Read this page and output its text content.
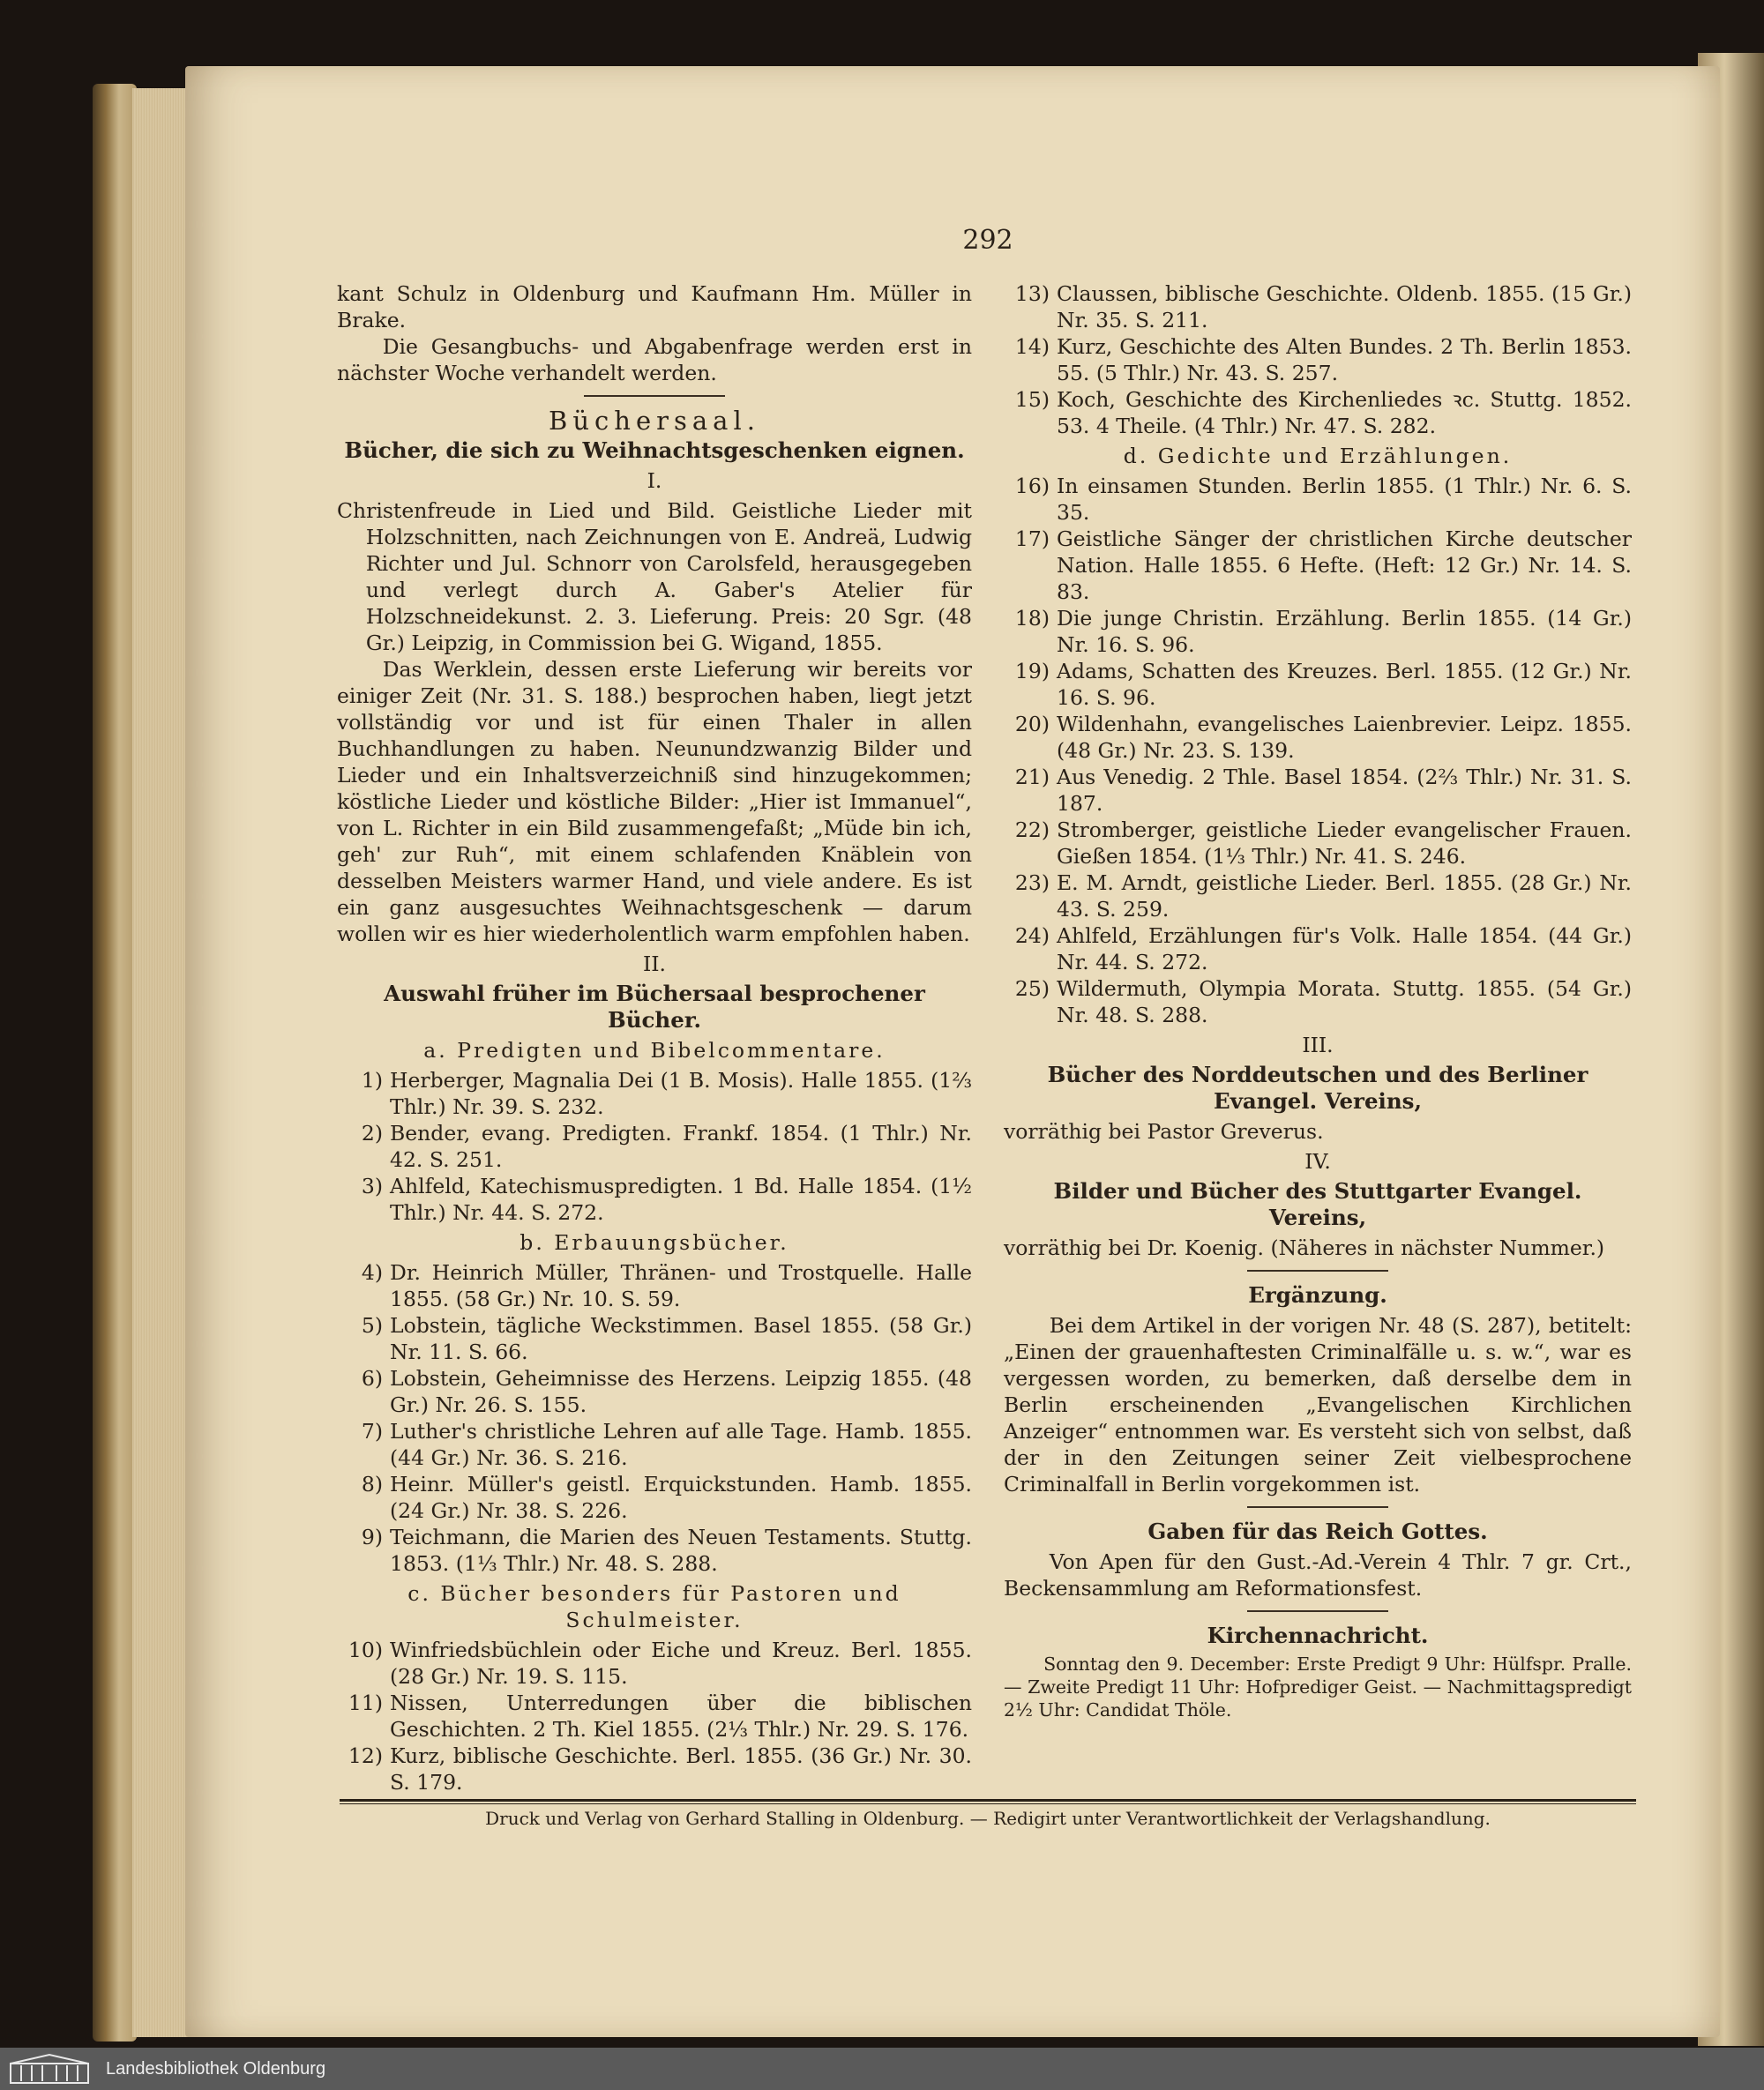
292

kant Schulz in Oldenburg und Kaufmann Hm. Müller in Brake.

Die Gesangbuchs- und Abgabenfrage werden erst in nächster Woche verhandelt werden.

Büchersaal.
Bücher, die sich zu Weihnachtsgeschenken eignen.
I.

Christenfreude in Lied und Bild. Geistliche Lieder mit Holzschnitten, nach Zeichnungen von E. Andreä, Ludwig Richter und Jul. Schnorr von Carolsfeld, herausgegeben und verlegt durch A. Gaber's Atelier für Holzschneidekunst. 2. 3. Lieferung. Preis: 20 Sgr. (48 Gr.) Leipzig, in Commission bei G. Wigand, 1855.

Das Werklein, dessen erste Lieferung wir bereits vor einiger Zeit (Nr. 31. S. 188.) besprochen haben, liegt jetzt vollständig vor und ist für einen Thaler in allen Buchhandlungen zu haben. Neunundzwanzig Bilder und Lieder und ein Inhaltsverzeichniß sind hinzugekommen; köstliche Lieder und köstliche Bilder: „Hier ist Immanuel“, von L. Richter in ein Bild zusammengefaßt; „Müde bin ich, geh' zur Ruh“, mit einem schlafenden Knäblein von desselben Meisters warmer Hand, und viele andere. Es ist ein ganz ausgesuchtes Weihnachtsgeschenk — darum wollen wir es hier wiederholentlich warm empfohlen haben.

II.
Auswahl früher im Büchersaal besprochener Bücher.
a. Predigten und Bibelcommentare.
1) Herberger, Magnalia Dei (1 B. Mosis). Halle 1855. (1⅔ Thlr.) Nr. 39. S. 232.
2) Bender, evang. Predigten. Frankf. 1854. (1 Thlr.) Nr. 42. S. 251.
3) Ahlfeld, Katechismuspredigten. 1 Bd. Halle 1854. (1½ Thlr.) Nr. 44. S. 272.
b. Erbauungsbücher.
4) Dr. Heinrich Müller, Thränen- und Trostquelle. Halle 1855. (58 Gr.) Nr. 10. S. 59.
5) Lobstein, tägliche Weckstimmen. Basel 1855. (58 Gr.) Nr. 11. S. 66.
6) Lobstein, Geheimnisse des Herzens. Leipzig 1855. (48 Gr.) Nr. 26. S. 155.
7) Luther's christliche Lehren auf alle Tage. Hamb. 1855. (44 Gr.) Nr. 36. S. 216.
8) Heinr. Müller's geistl. Erquickstunden. Hamb. 1855. (24 Gr.) Nr. 38. S. 226.
9) Teichmann, die Marien des Neuen Testaments. Stuttg. 1853. (1⅓ Thlr.) Nr. 48. S. 288.
c. Bücher besonders für Pastoren und Schulmeister.
10) Winfriedsbüchlein oder Eiche und Kreuz. Berl. 1855. (28 Gr.) Nr. 19. S. 115.
11) Nissen, Unterredungen über die biblischen Geschichten. 2 Th. Kiel 1855. (2⅓ Thlr.) Nr. 29. S. 176.
12) Kurz, biblische Geschichte. Berl. 1855. (36 Gr.) Nr. 30. S. 179.
13) Claussen, biblische Geschichte. Oldenb. 1855. (15 Gr.) Nr. 35. S. 211.
14) Kurz, Geschichte des Alten Bundes. 2 Th. Berlin 1853. 55. (5 Thlr.) Nr. 43. S. 257.
15) Koch, Geschichte des Kirchenliedes ꝛc. Stuttg. 1852. 53. 4 Theile. (4 Thlr.) Nr. 47. S. 282.
d. Gedichte und Erzählungen.
16) In einsamen Stunden. Berlin 1855. (1 Thlr.) Nr. 6. S. 35.
17) Geistliche Sänger der christlichen Kirche deutscher Nation. Halle 1855. 6 Hefte. (Heft: 12 Gr.) Nr. 14. S. 83.
18) Die junge Christin. Erzählung. Berlin 1855. (14 Gr.) Nr. 16. S. 96.
19) Adams, Schatten des Kreuzes. Berl. 1855. (12 Gr.) Nr. 16. S. 96.
20) Wildenhahn, evangelisches Laienbrevier. Leipz. 1855. (48 Gr.) Nr. 23. S. 139.
21) Aus Venedig. 2 Thle. Basel 1854. (2⅔ Thlr.) Nr. 31. S. 187.
22) Stromberger, geistliche Lieder evangelischer Frauen. Gießen 1854. (1⅓ Thlr.) Nr. 41. S. 246.
23) E. M. Arndt, geistliche Lieder. Berl. 1855. (28 Gr.) Nr. 43. S. 259.
24) Ahlfeld, Erzählungen für's Volk. Halle 1854. (44 Gr.) Nr. 44. S. 272.
25) Wildermuth, Olympia Morata. Stuttg. 1855. (54 Gr.) Nr. 48. S. 288.
III.
Bücher des Norddeutschen und des Berliner Evangel. Vereins,

vorräthig bei Pastor Greverus.

IV.
Bilder und Bücher des Stuttgarter Evangel. Vereins,

vorräthig bei Dr. Koenig. (Näheres in nächster Nummer.)

Ergänzung.

Bei dem Artikel in der vorigen Nr. 48 (S. 287), betitelt: „Einen der grauenhaftesten Criminalfälle u. s. w.“, war es vergessen worden, zu bemerken, daß derselbe dem in Berlin erscheinenden „Evangelischen Kirchlichen Anzeiger“ entnommen war. Es versteht sich von selbst, daß der in den Zeitungen seiner Zeit vielbesprochene Criminalfall in Berlin vorgekommen ist.

Gaben für das Reich Gottes.

Von Apen für den Gust.-Ad.-Verein 4 Thlr. 7 gr. Crt., Beckensammlung am Reformationsfest.

Kirchennachricht.

Sonntag den 9. December: Erste Predigt 9 Uhr: Hülfspr. Pralle. — Zweite Predigt 11 Uhr: Hofprediger Geist. — Nachmittagspredigt 2½ Uhr: Candidat Thöle.

Druck und Verlag von Gerhard Stalling in Oldenburg. — Redigirt unter Verantwortlichkeit der Verlagshandlung.
Landesbibliothek Oldenburg
